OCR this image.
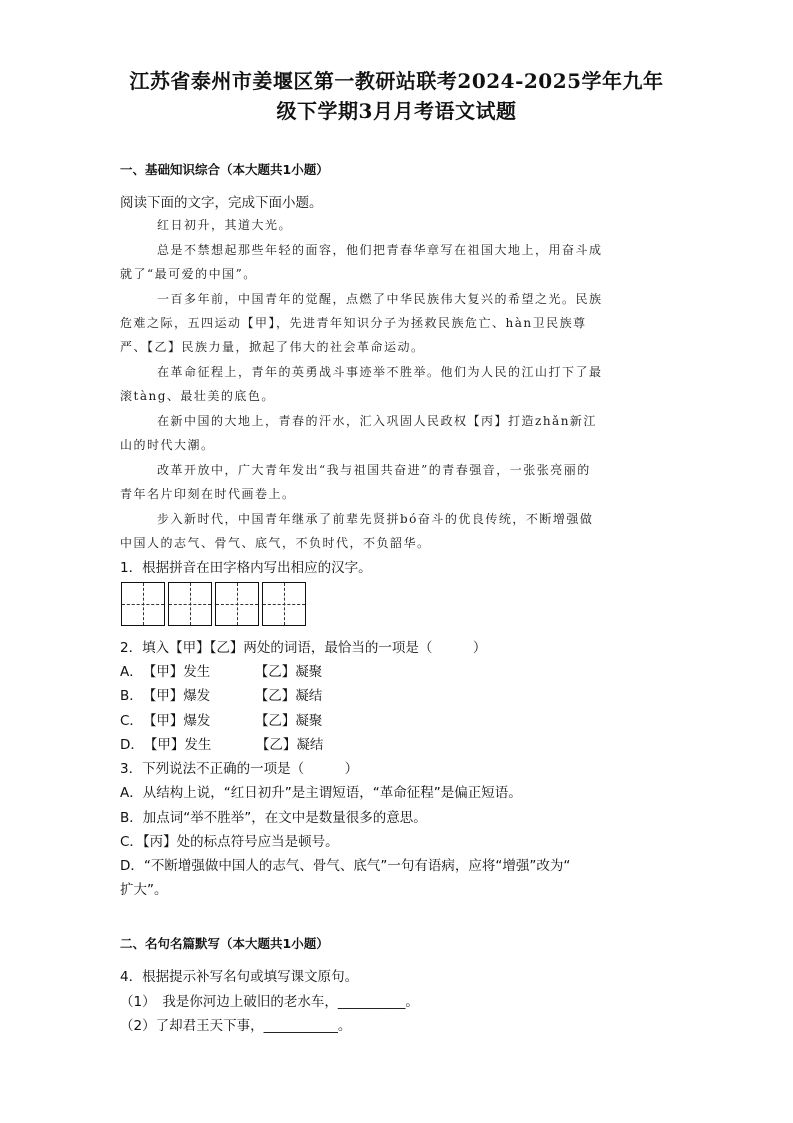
江苏省泰州市姜堰区第一教研站联考2024-2025学年九年
级下学期3月月考语文试题
一、基础知识综合（本大题共1小题）
阅读下面的文字，完成下面小题。
红日初升，其道大光。
总是不禁想起那些年轻的面容，他们把青春华章写在祖国大地上，用奋斗成
就了“最可爱的中国”。
一百多年前，中国青年的觉醒，点燃了中华民族伟大复兴的希望之光。民族
危难之际，五四运动【甲】，先进青年知识分子为拯救民族危亡、hàn卫民族尊
严、【乙】民族力量，掀起了伟大的社会革命运动。
在革命征程上，青年的英勇战斗事迹举不胜举。他们为人民的江山打下了最
滚tàng、最壮美的底色。
在新中国的大地上，青春的汗水，汇入巩固人民政权【丙】打造zhǎn新江
山的时代大潮。
改革开放中，广大青年发出“我与祖国共奋进”的青春强音，一张张亮丽的
青年名片印刻在时代画卷上。
步入新时代，中国青年继承了前辈先贤拼bó奋斗的优良传统，不断增强做
中国人的志气、骨气、底气，不负时代，不负韶华。
1．根据拼音在田字格内写出相应的汉字。
2．填入【甲】【乙】两处的词语，最恰当的一项是（　　　）
A．【甲】发生	【乙】凝聚
B．【甲】爆发	【乙】凝结
C．【甲】爆发	【乙】凝聚
D．【甲】发生	【乙】凝结
3．下列说法不正确的一项是（　　　）
A．从结构上说，“红日初升”是主谓短语，“革命征程”是偏正短语。
B．加点词“举不胜举”，在文中是数量很多的意思。
C．【丙】处的标点符号应当是顿号。
D．“不断增强做中国人的志气、骨气、底气”一句有语病，应将“增强”改为“
扩大”。
二、名句名篇默写（本大题共1小题）
4．根据提示补写名句或填写课文原句。
（1）　我是你河边上破旧的老水车，__________。
（2）了却君王天下事，___________。
